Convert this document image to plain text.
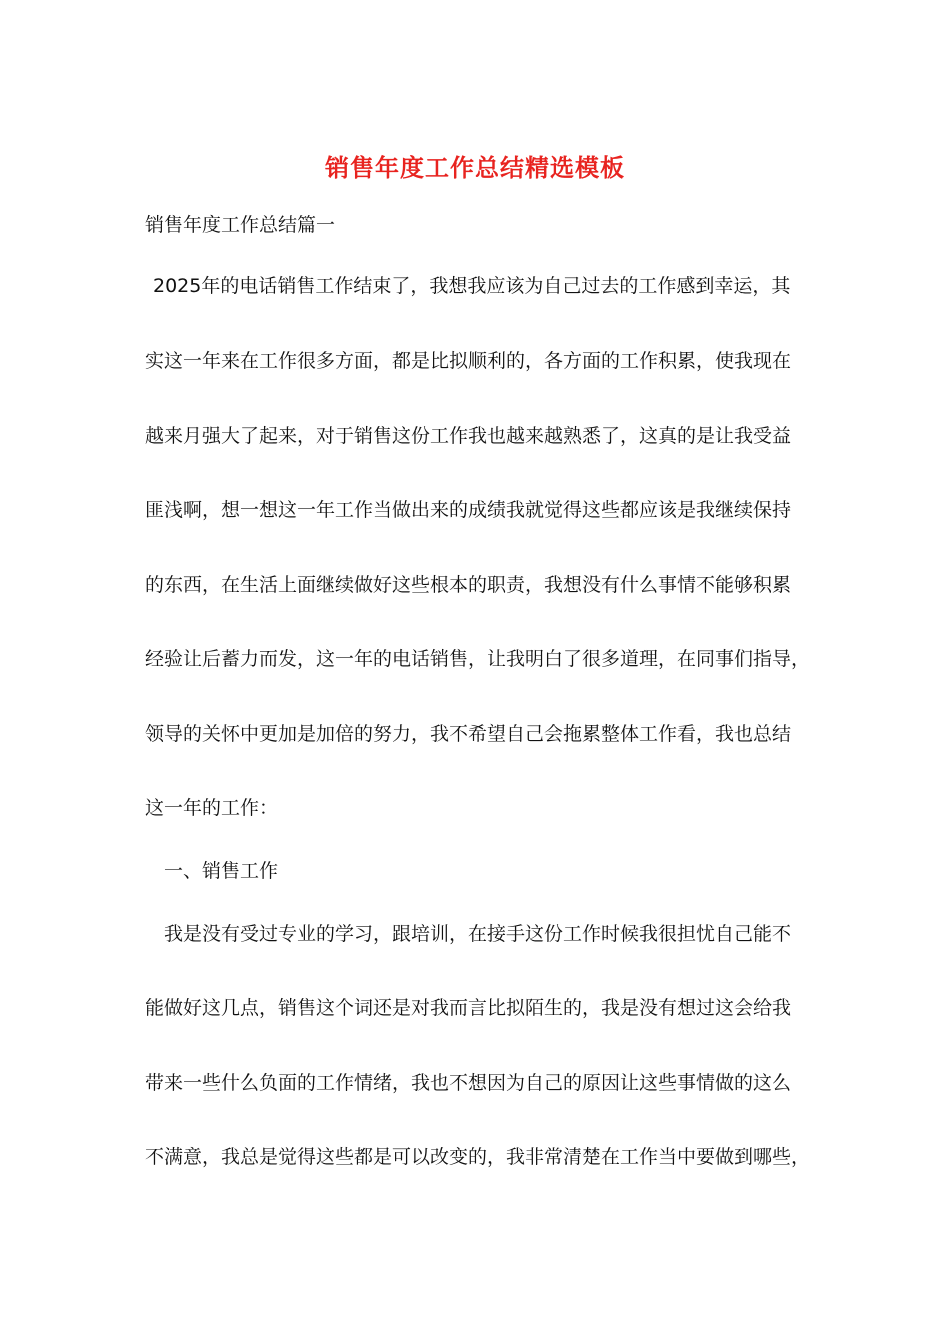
销售年度工作总结精选模板
销售年度工作总结篇一
2025年的电话销售工作结束了，我想我应该为自己过去的工作感到幸运，其
实这一年来在工作很多方面，都是比拟顺利的，各方面的工作积累，使我现在
越来月强大了起来，对于销售这份工作我也越来越熟悉了，这真的是让我受益
匪浅啊，想一想这一年工作当做出来的成绩我就觉得这些都应该是我继续保持
的东西，在生活上面继续做好这些根本的职责，我想没有什么事情不能够积累
经验让后蓄力而发，这一年的电话销售，让我明白了很多道理，在同事们指导，
领导的关怀中更加是加倍的努力，我不希望自己会拖累整体工作看，我也总结
这一年的工作：
一、销售工作
我是没有受过专业的学习，跟培训，在接手这份工作时候我很担忧自己能不
能做好这几点，销售这个词还是对我而言比拟陌生的，我是没有想过这会给我
带来一些什么负面的工作情绪，我也不想因为自己的原因让这些事情做的这么
不满意，我总是觉得这些都是可以改变的，我非常清楚在工作当中要做到哪些，
